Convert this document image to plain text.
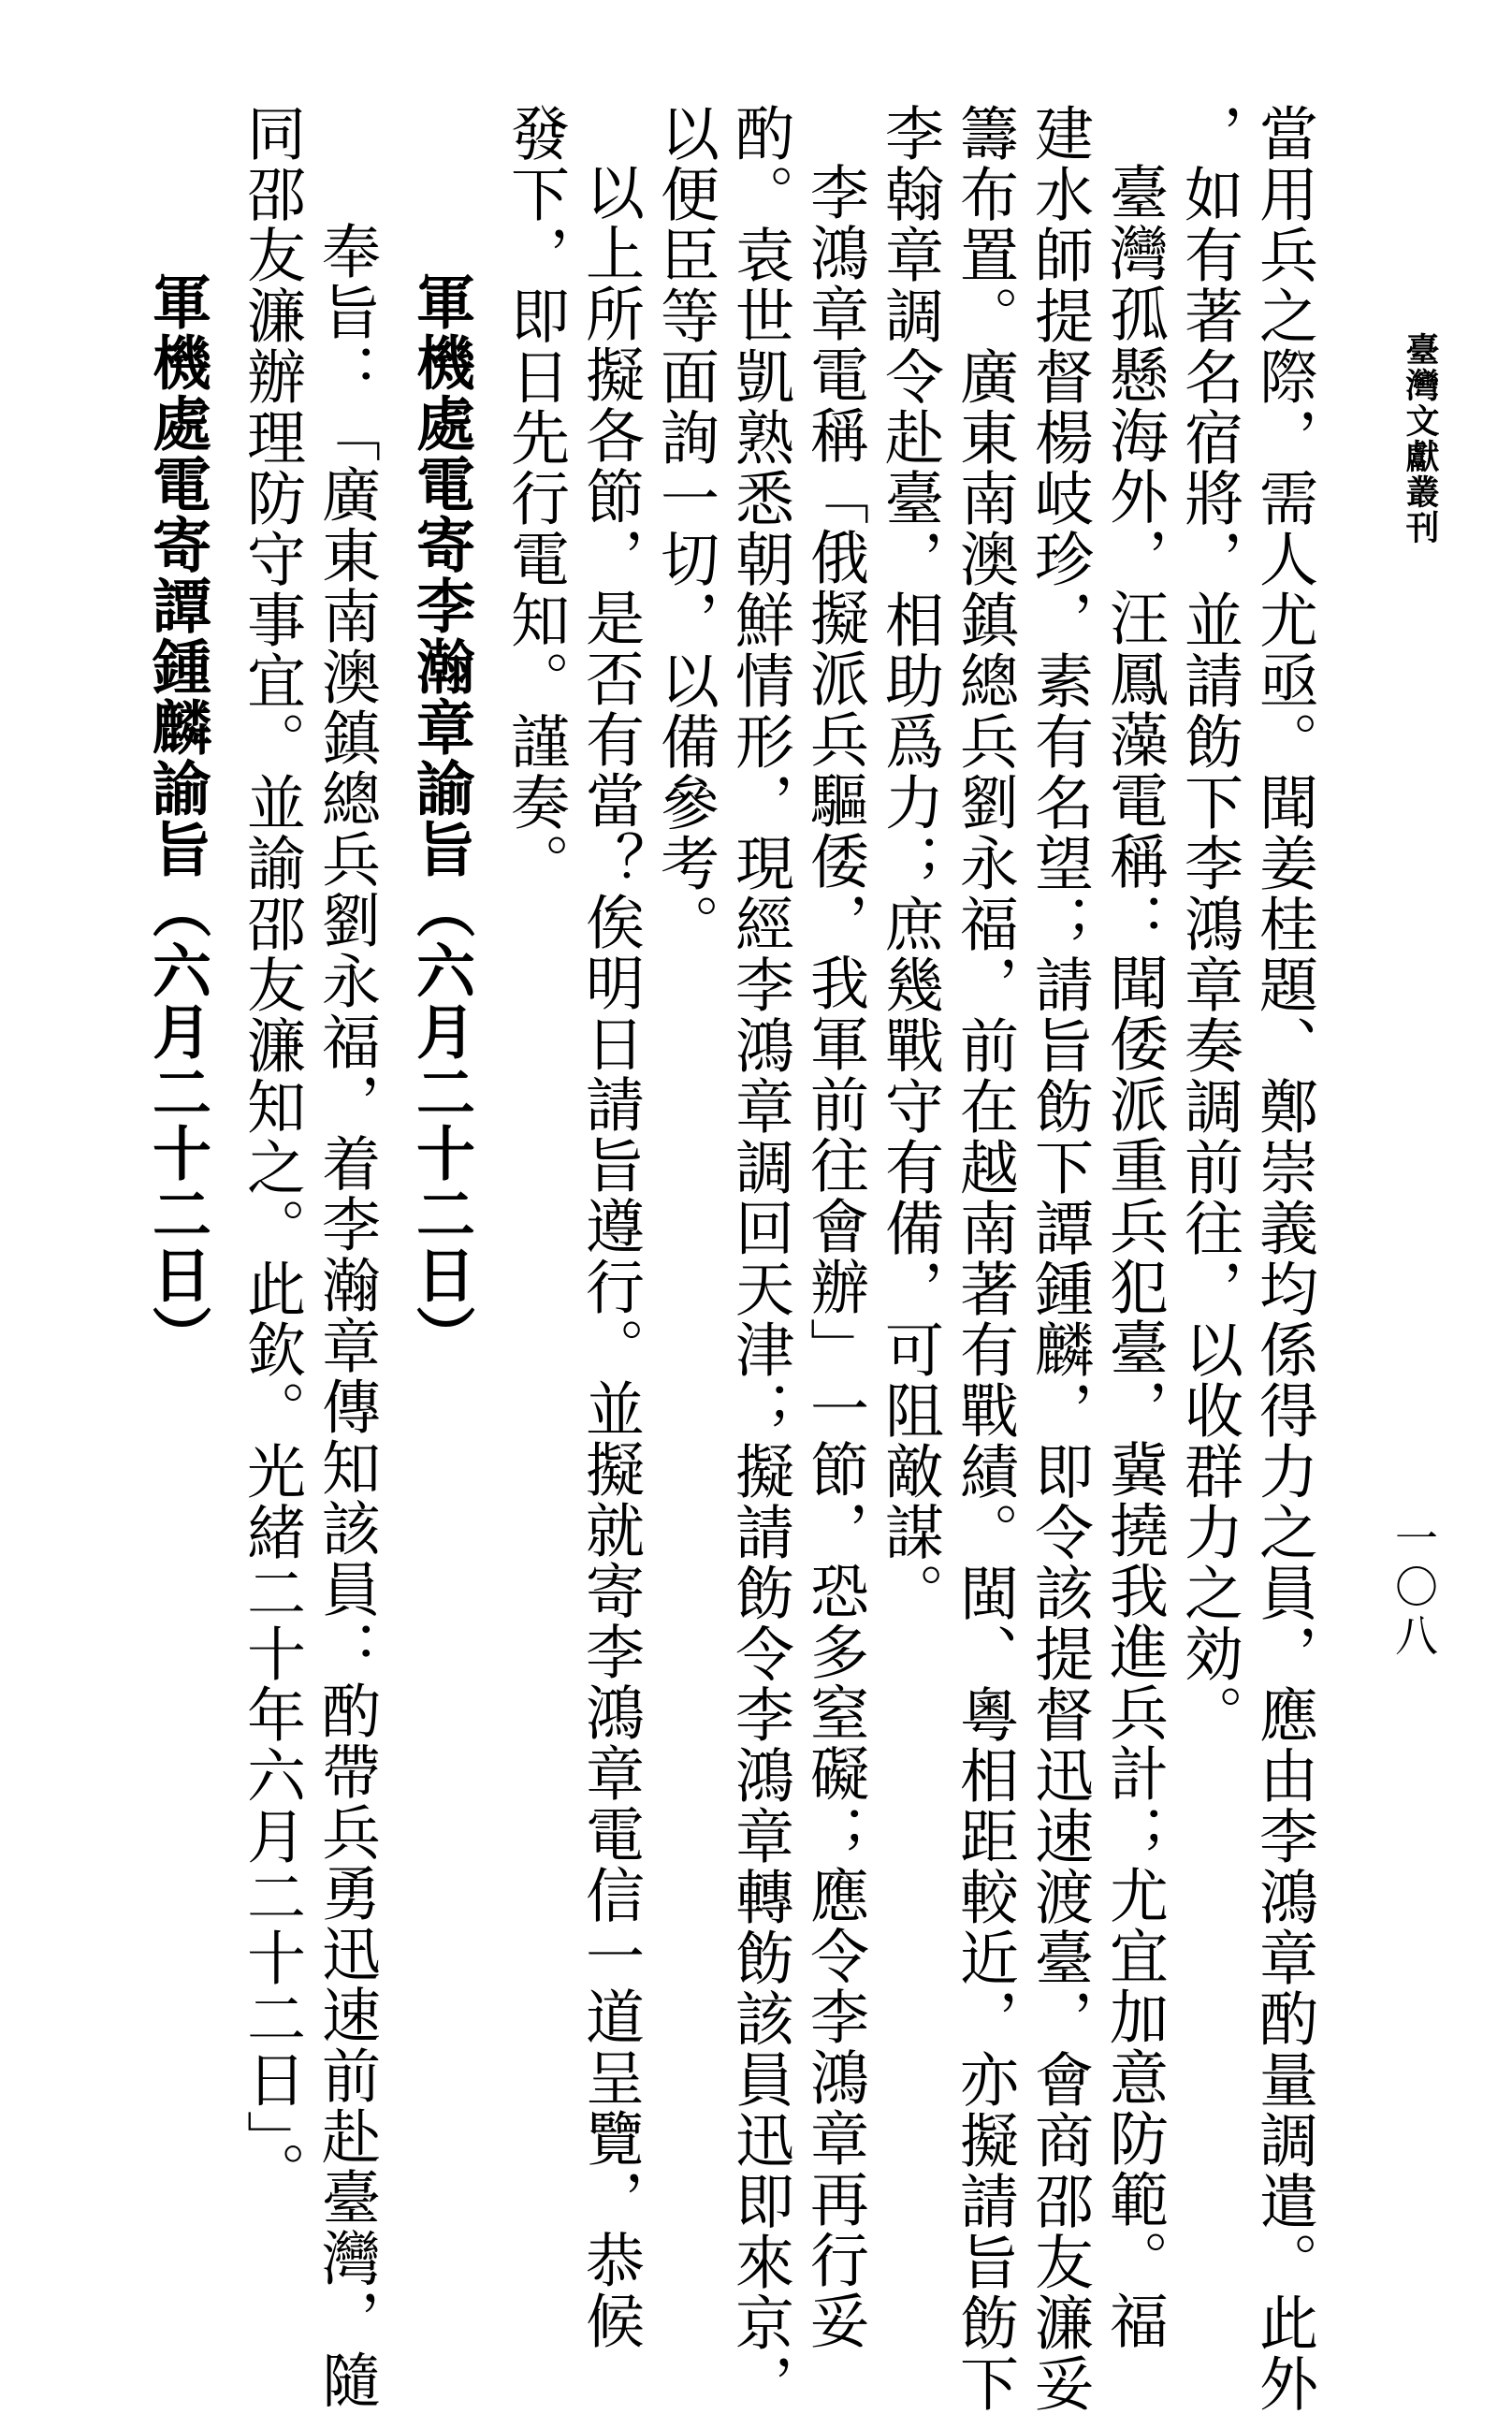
臺灣文獻叢刊
一〇八
當用兵之際，需人尤亟。聞姜桂題、鄭崇義均係得力之員，應由李鴻章酌量調遣。此外
，如有著名宿將，並請飭下李鴻章奏調前往，以收群力之効。
臺灣孤懸海外，汪鳳藻電稱：聞倭派重兵犯臺，冀撓我進兵計；尤宜加意防範。福
建水師提督楊岐珍，素有名望；請旨飭下譚鍾麟，即令該提督迅速渡臺，會商邵友濂妥
籌布置。廣東南澳鎮總兵劉永福，前在越南著有戰績。閩、粵相距較近，亦擬請旨飭下
李翰章調令赴臺，相助爲力；庶幾戰守有備，可阻敵謀。
李鴻章電稱「俄擬派兵驅倭，我軍前往會辦」一節，恐多窒礙；應令李鴻章再行妥
酌。袁世凱熟悉朝鮮情形，現經李鴻章調回天津；擬請飭令李鴻章轉飭該員迅即來京，
以便臣等面詢一切，以備參考。
以上所擬各節，是否有當？俟明日請旨遵行。並擬就寄李鴻章電信一道呈覽，恭候
發下，即日先行電知。謹奏。
軍機處電寄李瀚章諭旨（六月二十二日）
奉旨：「廣東南澳鎮總兵劉永福，着李瀚章傳知該員：酌帶兵勇迅速前赴臺灣，隨
同邵友濂辦理防守事宜。並諭邵友濂知之。此欽。光緒二十年六月二十二日」。
軍機處電寄譚鍾麟諭旨（六月二十二日）
